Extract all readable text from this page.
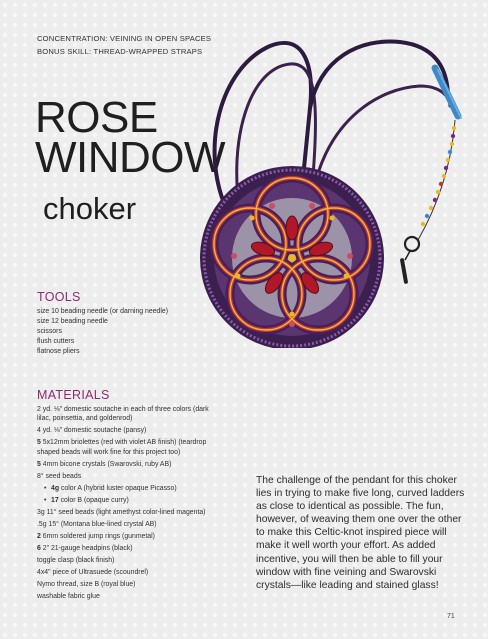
CONCENTRATION: VEINING IN OPEN SPACES
BONUS SKILL: THREAD-WRAPPED STRAPS
ROSE
WINDOW
choker
TOOLS
size 10 beading needle (or darning needle)
size 12 beading needle
scissors
flush cutters
flatnose pliers
MATERIALS
2 yd. ⅛" domestic soutache in each of three colors (dark lilac, poinsettia, and goldenrod)
4 yd. ⅛" domestic soutache (pansy)
5 5x12mm briolettes (red with violet AB finish) (teardrop shaped beads will work fine for this project too)
5 4mm bicone crystals (Swarovski, ruby AB)
8° seed beads
• 4g color A (hybrid luster opaque Picasso)
• 17 color B (opaque curry)
3g 11° seed beads (light amethyst color-lined magenta)
.5g 15° (Montana blue-lined crystal AB)
2 6mm soldered jump rings (gunmetal)
6 2" 21-gauge headpins (black)
toggle clasp (black finish)
4x4" piece of Ultrasuede (scoundrel)
Nymo thread, size B (royal blue)
washable fabric glue
The challenge of the pendant for this choker lies in trying to make five long, curved ladders as close to identical as possible. The fun, however, of weaving them one over the other to make this Celtic-knot inspired piece will make it well worth your effort. As added incentive, you will then be able to fill your window with fine veining and Swarovski crystals—like leading and stained glass!
71
